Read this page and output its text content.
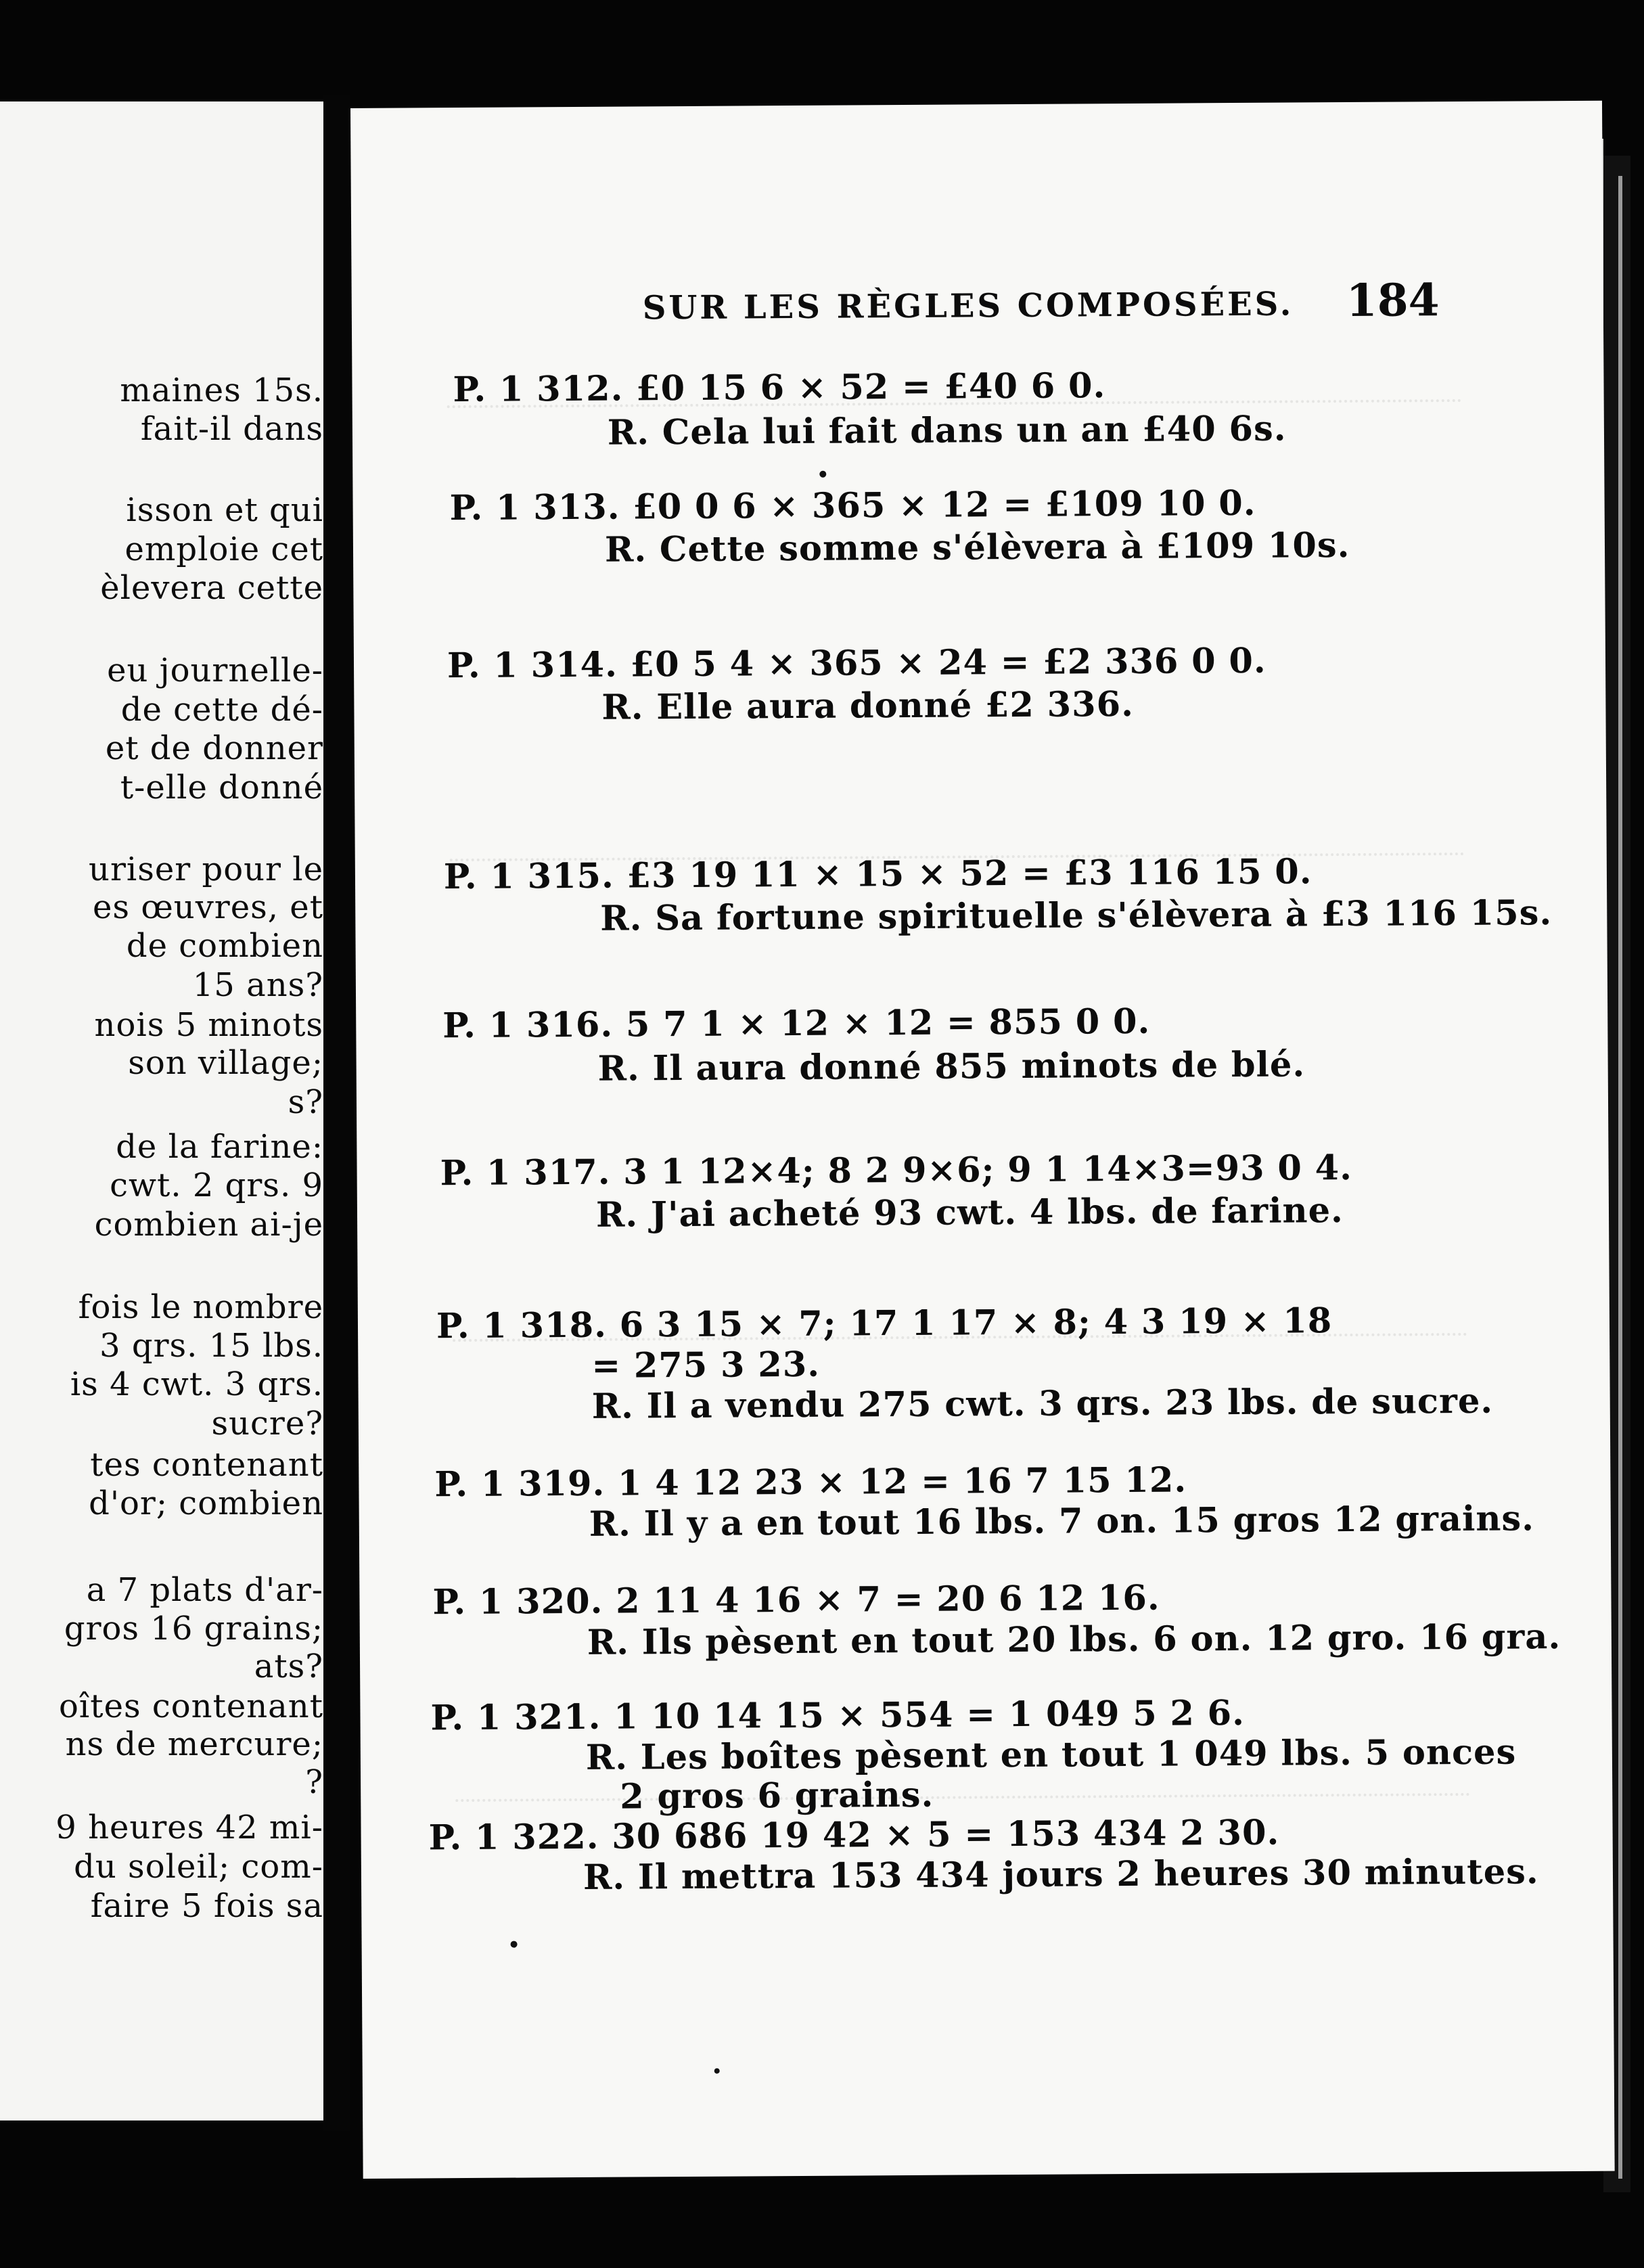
maines 15s.
fait-il dans
isson et qui
emploie cet
èlevera cette
eu journelle-
de cette dé-
et de donner
t-elle donné
uriser pour le
es œuvres, et
de combien
15 ans?
nois 5 minots
son village;
s?
de la farine:
cwt. 2 qrs. 9
combien ai-je
fois le nombre
3 qrs. 15 lbs.
is 4 cwt. 3 qrs.
sucre?
tes contenant
d'or; combien
a 7 plats d'ar-
gros 16 grains;
ats?
oîtes contenant
ns de mercure;
?
9 heures 42 mi-
du soleil; com-
faire 5 fois sa
SUR LES RÈGLES COMPOSÉES. 184
P. 1 312. £0 15 6 × 52 = £40 6 0.
R. Cela lui fait dans un an £40 6s.
P. 1 313. £0 0 6 × 365 × 12 = £109 10 0.
R. Cette somme s'élèvera à £109 10s.
P. 1 314. £0 5 4 × 365 × 24 = £2 336 0 0.
R. Elle aura donné £2 336.
P. 1 315. £3 19 11 × 15 × 52 = £3 116 15 0.
R. Sa fortune spirituelle s'élèvera à £3 116 15s.
P. 1 316. 5 7 1 × 12 × 12 = 855 0 0.
R. Il aura donné 855 minots de blé.
P. 1 317. 3 1 12×4; 8 2 9×6; 9 1 14×3=93 0 4.
R. J'ai acheté 93 cwt. 4 lbs. de farine.
P. 1 318. 6 3 15 × 7; 17 1 17 × 8; 4 3 19 × 18
= 275 3 23.
R. Il a vendu 275 cwt. 3 qrs. 23 lbs. de sucre.
P. 1 319. 1 4 12 23 × 12 = 16 7 15 12.
R. Il y a en tout 16 lbs. 7 on. 15 gros 12 grains.
P. 1 320. 2 11 4 16 × 7 = 20 6 12 16.
R. Ils pèsent en tout 20 lbs. 6 on. 12 gro. 16 gra.
P. 1 321. 1 10 14 15 × 554 = 1 049 5 2 6.
R. Les boîtes pèsent en tout 1 049 lbs. 5 onces
2 gros 6 grains.
P. 1 322. 30 686 19 42 × 5 = 153 434 2 30.
R. Il mettra 153 434 jours 2 heures 30 minutes.
